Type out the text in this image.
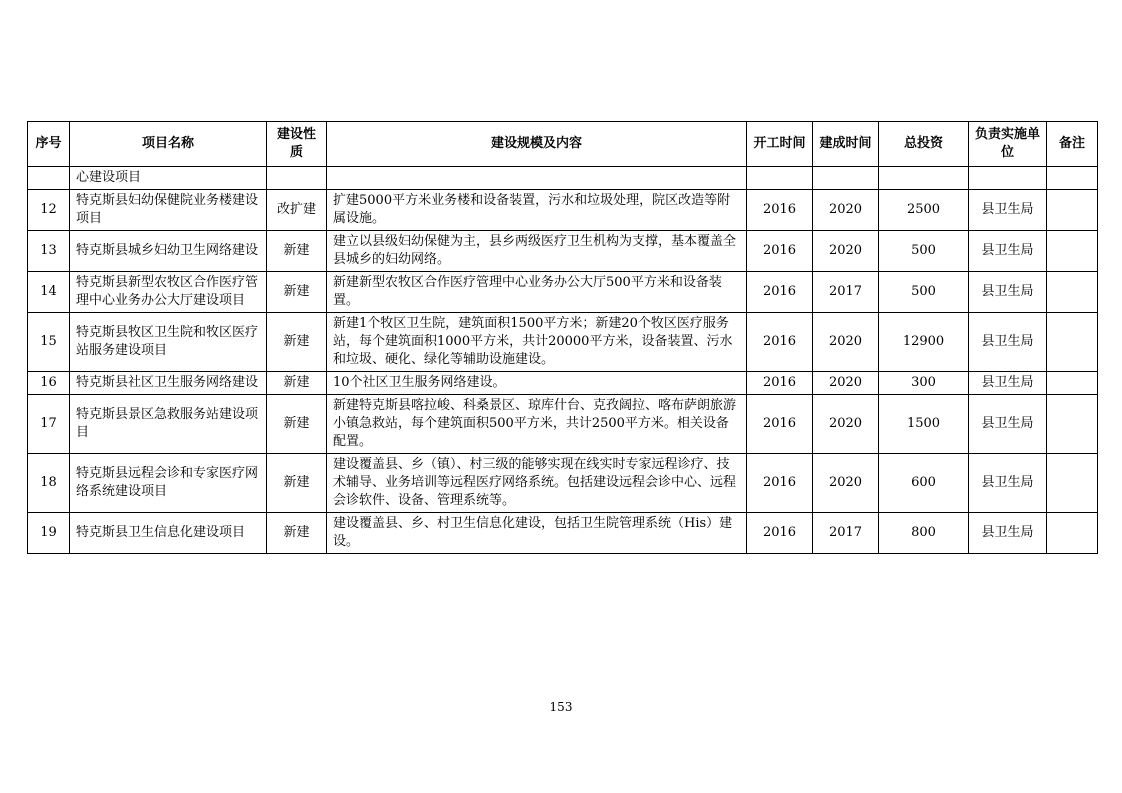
序号	项目名称	建设性质	建设规模及内容	开工时间	建成时间	总投资	负责实施单位	备注
	心建设项目							
12	特克斯县妇幼保健院业务楼建设项目	改扩建	扩建5000平方米业务楼和设备装置，污水和垃圾处理，院区改造等附属设施。	2016	2020	2500	县卫生局	
13	特克斯县城乡妇幼卫生网络建设	新建	建立以县级妇幼保健为主，县乡两级医疗卫生机构为支撑，基本覆盖全县城乡的妇幼网络。	2016	2020	500	县卫生局	
14	特克斯县新型农牧区合作医疗管理中心业务办公大厅建设项目	新建	新建新型农牧区合作医疗管理中心业务办公大厅500平方米和设备装置。	2016	2017	500	县卫生局	
15	特克斯县牧区卫生院和牧区医疗站服务建设项目	新建	新建1个牧区卫生院，建筑面积1500平方米；新建20个牧区医疗服务站，每个建筑面积1000平方米，共计20000平方米，设备装置、污水和垃圾、硬化、绿化等辅助设施建设。	2016	2020	12900	县卫生局	
16	特克斯县社区卫生服务网络建设	新建	10个社区卫生服务网络建设。	2016	2020	300	县卫生局	
17	特克斯县景区急救服务站建设项目	新建	新建特克斯县喀拉峻、科桑景区、琼库什台、克孜阔拉、喀布萨朗旅游小镇急救站，每个建筑面积500平方米，共计2500平方米。相关设备配置。	2016	2020	1500	县卫生局	
18	特克斯县远程会诊和专家医疗网络系统建设项目	新建	建设覆盖县、乡（镇）、村三级的能够实现在线实时专家远程诊疗、技术辅导、业务培训等远程医疗网络系统。包括建设远程会诊中心、远程会诊软件、设备、管理系统等。	2016	2020	600	县卫生局	
19	特克斯县卫生信息化建设项目	新建	建设覆盖县、乡、村卫生信息化建设，包括卫生院管理系统（His）建设。	2016	2017	800	县卫生局	
153
